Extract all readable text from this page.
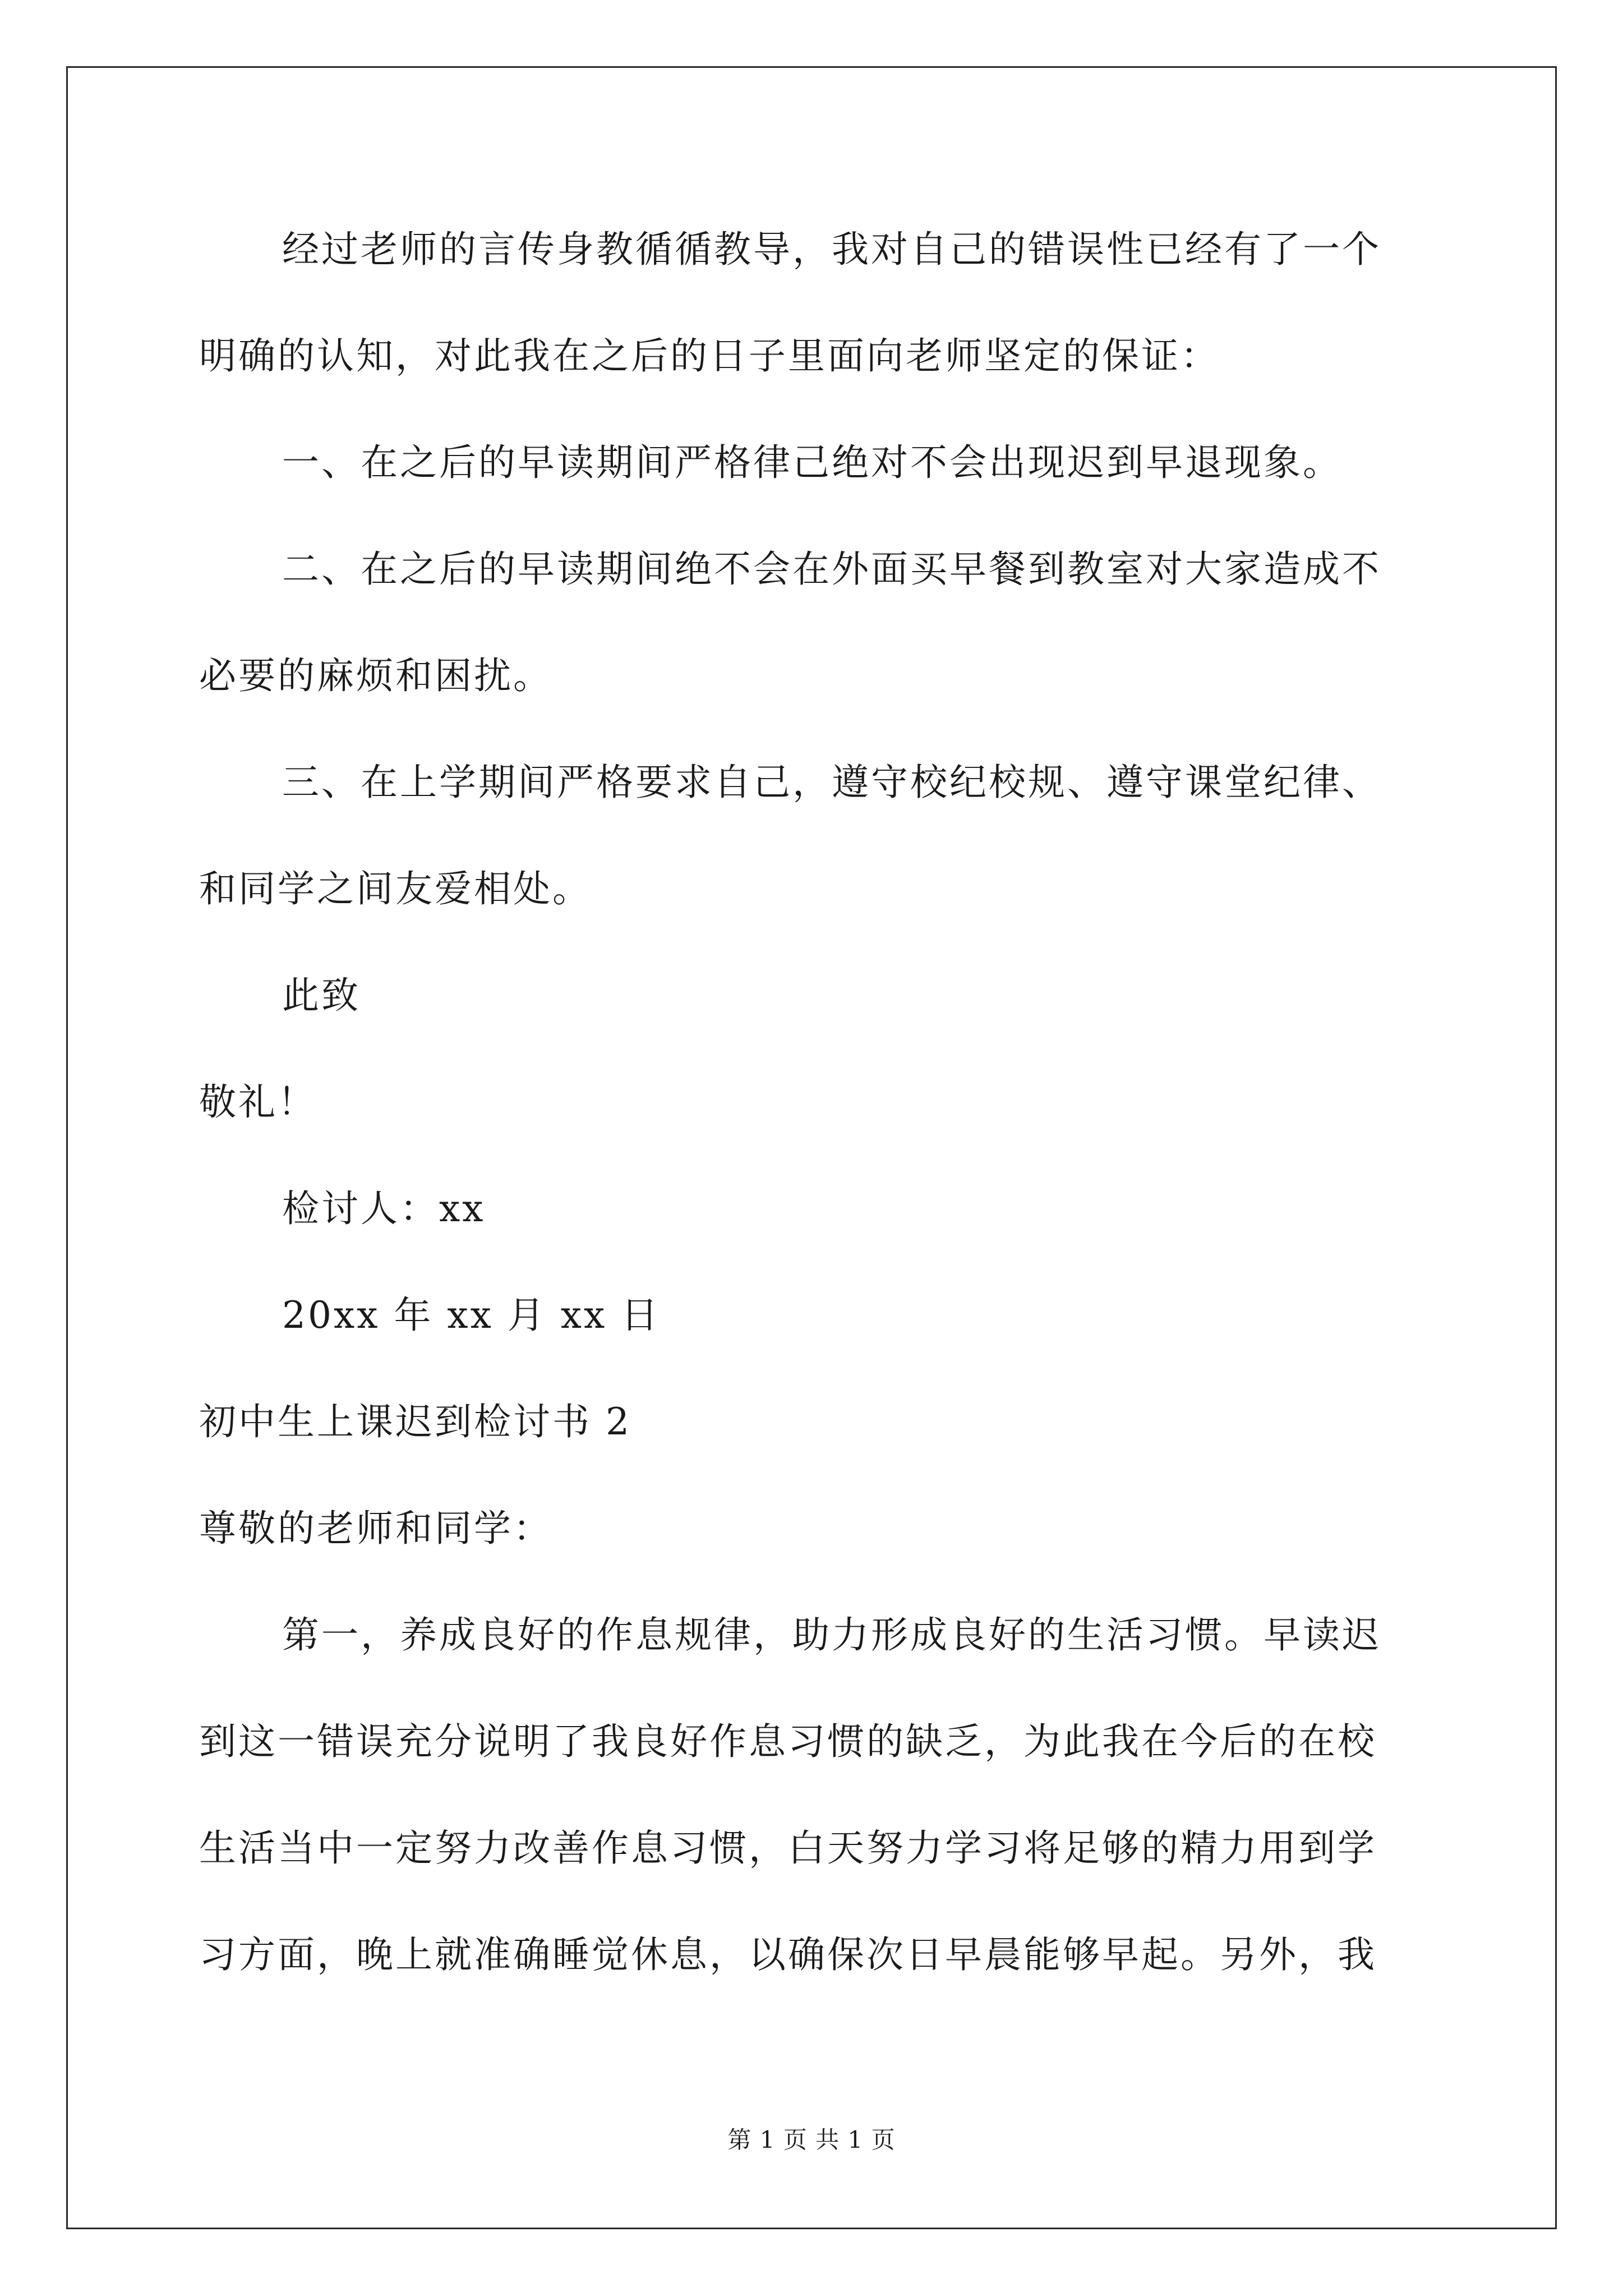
经过老师的言传身教循循教导，我对自己的错误性已经有了一个
明确的认知，对此我在之后的日子里面向老师坚定的保证：
一、在之后的早读期间严格律己绝对不会出现迟到早退现象。
二、在之后的早读期间绝不会在外面买早餐到教室对大家造成不
必要的麻烦和困扰。
三、在上学期间严格要求自己，遵守校纪校规、遵守课堂纪律、
和同学之间友爱相处。
此致
敬礼！
检讨人：xx
20xx 年 xx 月 xx 日
初中生上课迟到检讨书 2
尊敬的老师和同学：
第一，养成良好的作息规律，助力形成良好的生活习惯。早读迟
到这一错误充分说明了我良好作息习惯的缺乏，为此我在今后的在校
生活当中一定努力改善作息习惯，白天努力学习将足够的精力用到学
习方面，晚上就准确睡觉休息，以确保次日早晨能够早起。另外，我
第 1 页 共 1 页
